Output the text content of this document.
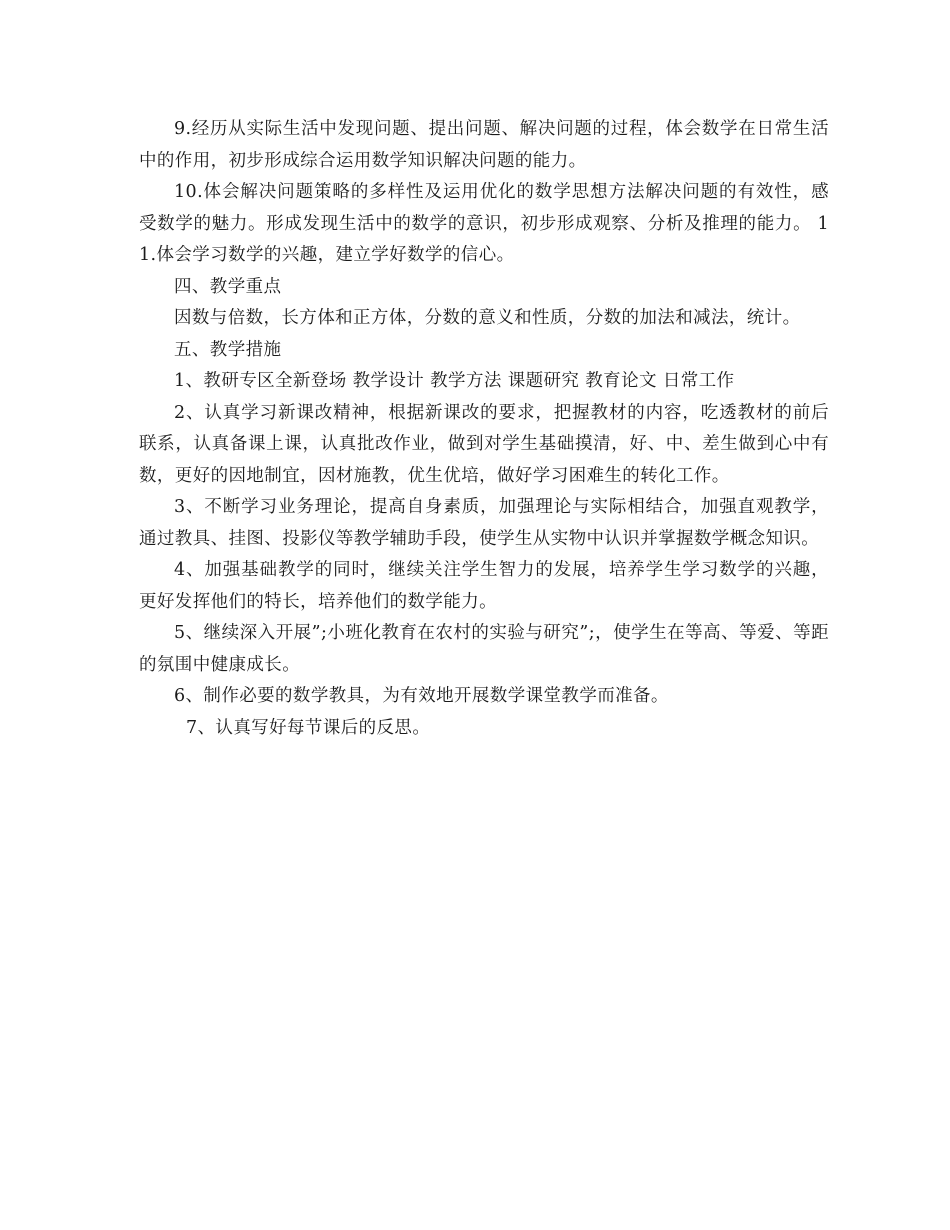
9.经历从实际生活中发现问题、提出问题、解决问题的过程，体会数学在日常生活中的作用，初步形成综合运用数学知识解决问题的能力。

10.体会解决问题策略的多样性及运用优化的数学思想方法解决问题的有效性，感受数学的魅力。形成发现生活中的数学的意识，初步形成观察、分析及推理的能力。 11.体会学习数学的兴趣，建立学好数学的信心。

四、教学重点

因数与倍数，长方体和正方体，分数的意义和性质，分数的加法和减法，统计。

五、教学措施

1、教研专区全新登场 教学设计 教学方法 课题研究 教育论文 日常工作

2、认真学习新课改精神，根据新课改的要求，把握教材的内容，吃透教材的前后联系，认真备课上课，认真批改作业，做到对学生基础摸清，好、中、差生做到心中有数，更好的因地制宜，因材施教，优生优培，做好学习困难生的转化工作。

3、不断学习业务理论，提高自身素质，加强理论与实际相结合，加强直观教学，通过教具、挂图、投影仪等教学辅助手段，使学生从实物中认识并掌握数学概念知识。

4、加强基础教学的同时，继续关注学生智力的发展，培养学生学习数学的兴趣，更好发挥他们的特长，培养他们的数学能力。

5、继续深入开展”;小班化教育在农村的实验与研究”;，使学生在等高、等爱、等距的氛围中健康成长。

6、制作必要的数学教具，为有效地开展数学课堂教学而准备。

7、认真写好每节课后的反思。
